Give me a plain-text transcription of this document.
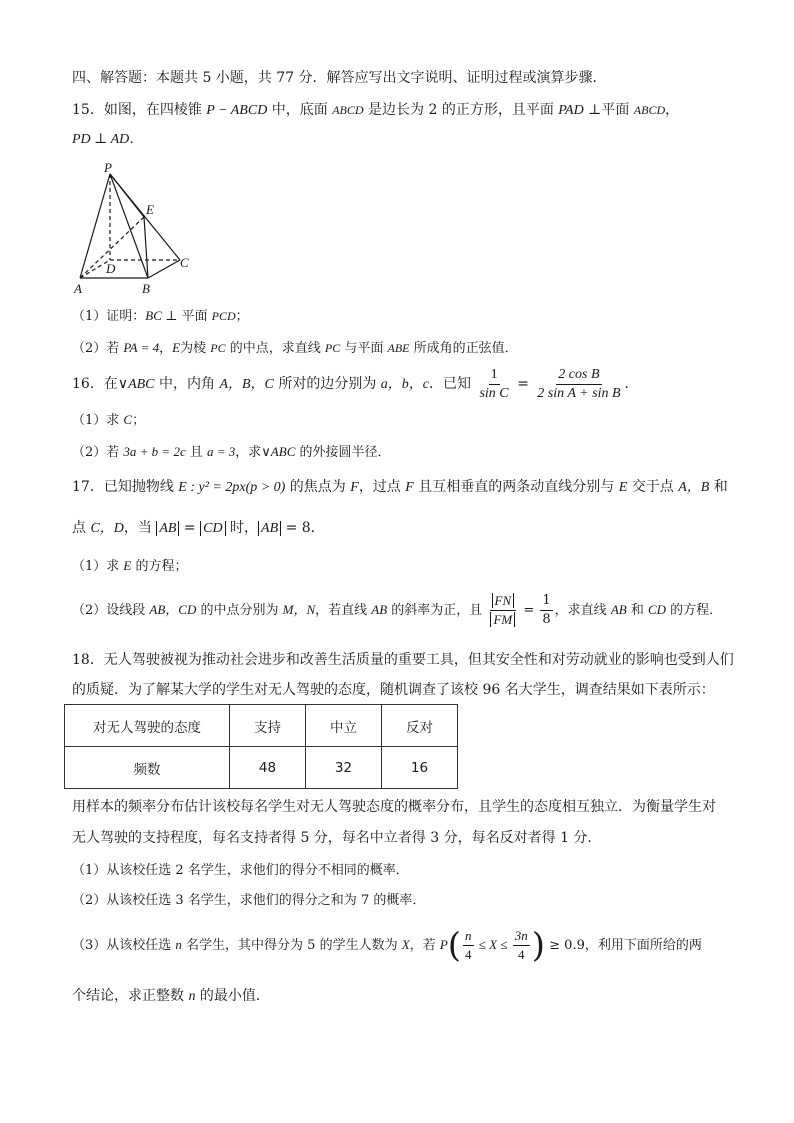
四、解答题：本题共 5 小题，共 77 分．解答应写出文字说明、证明过程或演算步骤．
15．如图，在四棱锥 P − ABCD 中，底面 ABCD 是边长为 2 的正方形，且平面 PAD ⊥平面 ABCD，
PD ⊥ AD．
P
E
D	C
A	B
（1）证明：BC ⊥ 平面 PCD；
（2）若 PA = 4，E为棱 PC 的中点，求直线 PC 与平面 ABE 所成角的正弦值．
16．在∨ABC 中，内角 A，B，C 所对的边分别为 a，b，c．已知 $\frac{1}{\text{sin C}} = \frac{\text{2 cos B}}{\text{2 sin A + sin B}}$ ．
（1）求 C；
（2）若 3a + b = 2c 且 a = 3，求∨ABC 的外接圆半径．
17．已知抛物线 E : y² = 2px(p > 0) 的焦点为 F，过点 F 且互相垂直的两条动直线分别与 E 交于点 A，B 和
点 C，D，当 AB = CD 时， AB = 8．
（1）求 E 的方程；
（2）设线段 AB，CD 的中点分别为 M，N，若直线 AB 的斜率为正，且 $\frac{FN}{FM} = \frac{1}{8}$ ，求直线 AB 和 CD 的方程．
18．无人驾驶被视为推动社会进步和改善生活质量的重要工具，但其安全性和对劳动就业的影响也受到人们
的质疑．为了解某大学的学生对无人驾驶的态度，随机调查了该校 96 名大学生，调查结果如下表所示：
对无人驾驶的态度	支持	中立	反对
频数	48	32	16
用样本的频率分布估计该校每名学生对无人驾驶态度的概率分布，且学生的态度相互独立．为衡量学生对
无人驾驶的支持程度，每名支持者得 5 分，每名中立者得 3 分，每名反对者得 1 分．
（1）从该校任选 2 名学生，求他们的得分不相同的概率．
（2）从该校任选 3 名学生，求他们的得分之和为 7 的概率．
（3）从该校任选 n 名学生，其中得分为 5 的学生人数为 X，若 $P( \frac{n}{4} \le X \le \frac{3n}{4}$ ) ≥ 0.9，利用下面所给的两
个结论，求正整数 n 的最小值．
